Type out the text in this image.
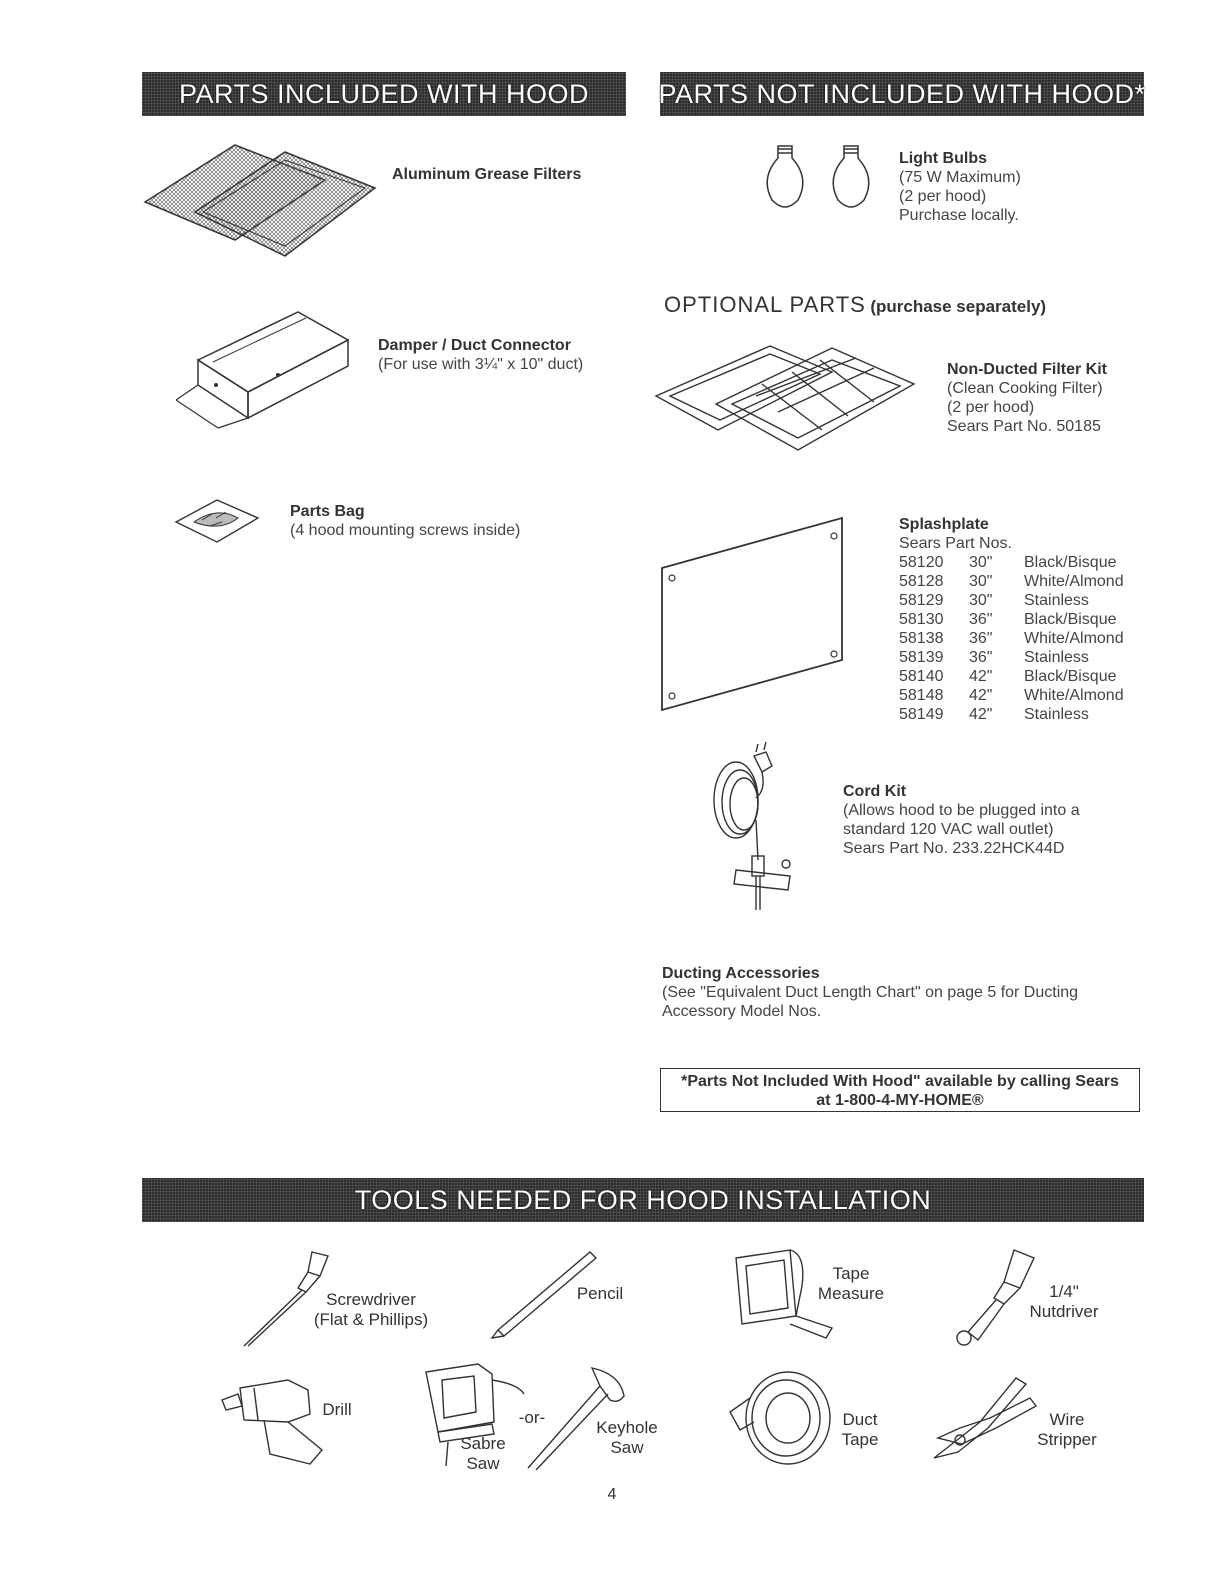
PARTS INCLUDED WITH HOOD	PARTS NOT INCLUDED WITH HOOD*
Aluminum Grease Filters
Damper / Duct Connector
(For use with 3¼" x 10" duct)
Parts Bag
(4 hood mounting screws inside)
Light Bulbs
(75 W Maximum)
(2 per hood)
Purchase locally.
OPTIONAL PARTS (purchase separately)
Non-Ducted Filter Kit
(Clean Cooking Filter)
(2 per hood)
Sears Part No. 50185
Splashplate
Sears Part Nos.
58120	30"	Black/Bisque
58128	30"	White/Almond
58129	30"	Stainless
58130	36"	Black/Bisque
58138	36"	White/Almond
58139	36"	Stainless
58140	42"	Black/Bisque
58148	42"	White/Almond
58149	42"	Stainless
Cord Kit
(Allows hood to be plugged into a
standard 120 VAC wall outlet)
Sears Part No. 233.22HCK44D
Ducting Accessories
(See "Equivalent Duct Length Chart" on page 5 for Ducting
Accessory Model Nos.
*Parts Not Included With Hood" available by calling Sears
at 1-800-4-MY-HOME®
TOOLS NEEDED FOR HOOD INSTALLATION
Screwdriver
(Flat & Phillips)
Pencil
Tape
Measure	1/4"
Nutdriver
Drill	-or-
Sabre
Saw
Keyhole
Saw
Duct
Tape
Wire
Stripper
4
